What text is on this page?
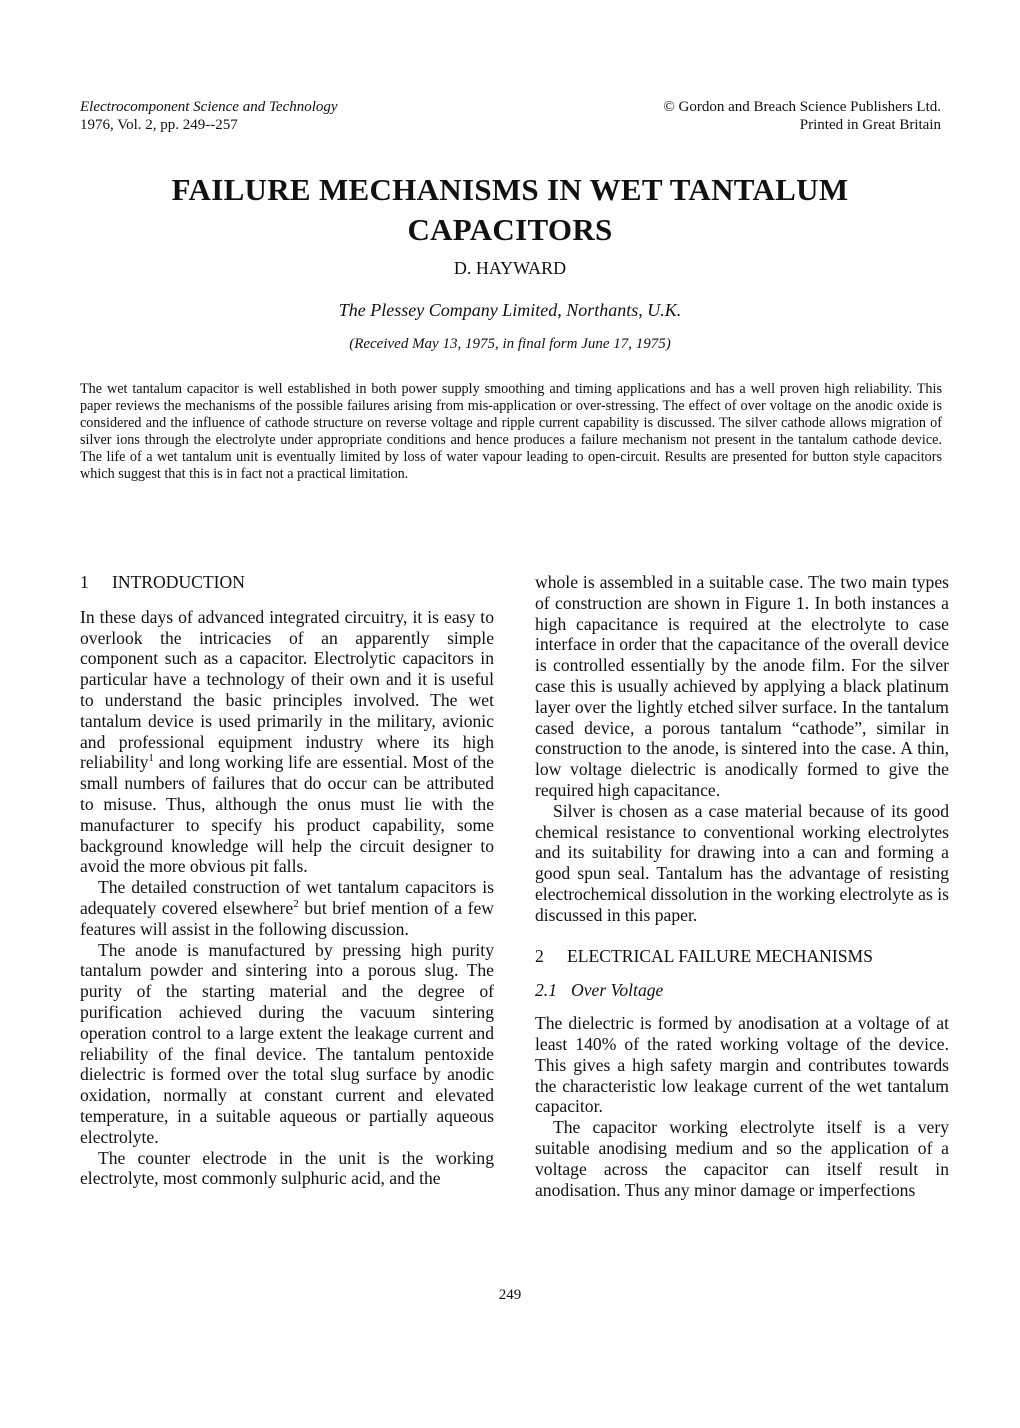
Electrocomponent Science and Technology
1976, Vol. 2, pp. 249--257
© Gordon and Breach Science Publishers Ltd.
Printed in Great Britain
FAILURE MECHANISMS IN WET TANTALUM
CAPACITORS
D. HAYWARD
The Plessey Company Limited, Northants, U.K.
(Received May 13, 1975, in final form June 17, 1975)
The wet tantalum capacitor is well established in both power supply smoothing and timing applications and has a well proven high reliability. This paper reviews the mechanisms of the possible failures arising from mis-application or over-stressing. The effect of over voltage on the anodic oxide is considered and the influence of cathode structure on reverse voltage and ripple current capability is discussed. The silver cathode allows migration of silver ions through the electrolyte under appropriate conditions and hence produces a failure mechanism not present in the tantalum cathode device. The life of a wet tantalum unit is eventually limited by loss of water vapour leading to open-circuit. Results are presented for button style capacitors which suggest that this is in fact not a practical limitation.
1 INTRODUCTION

In these days of advanced integrated circuitry, it is easy to overlook the intricacies of an apparently simple component such as a capacitor. Electrolytic capacitors in particular have a technology of their own and it is useful to understand the basic principles involved. The wet tantalum device is used primarily in the military, avionic and professional equipment industry where its high reliability$^1$ and long working life are essential. Most of the small numbers of failures that do occur can be attributed to misuse. Thus, although the onus must lie with the manufacturer to specify his product capability, some background knowledge will help the circuit designer to avoid the more obvious pit falls.

The detailed construction of wet tantalum capacitors is adequately covered elsewhere$^2$ but brief mention of a few features will assist in the following discussion.

The anode is manufactured by pressing high purity tantalum powder and sintering into a porous slug. The purity of the starting material and the degree of purification achieved during the vacuum sintering operation control to a large extent the leakage current and reliability of the final device. The tantalum pentoxide dielectric is formed over the total slug surface by anodic oxidation, normally at constant current and elevated temperature, in a suitable aqueous or partially aqueous electrolyte.

The counter electrode in the unit is the working electrolyte, most commonly sulphuric acid, and the

whole is assembled in a suitable case. The two main types of construction are shown in Figure 1. In both instances a high capacitance is required at the electrolyte to case interface in order that the capacitance of the overall device is controlled essentially by the anode film. For the silver case this is usually achieved by applying a black platinum layer over the lightly etched silver surface. In the tantalum cased device, a porous tantalum “cathode”, similar in construction to the anode, is sintered into the case. A thin, low voltage dielectric is anodically formed to give the required high capacitance.

Silver is chosen as a case material because of its good chemical resistance to conventional working electrolytes and its suitability for drawing into a can and forming a good spun seal. Tantalum has the advantage of resisting electrochemical dissolution in the working electrolyte as is discussed in this paper.

2 ELECTRICAL FAILURE MECHANISMS
2.1 Over Voltage

The dielectric is formed by anodisation at a voltage of at least 140% of the rated working voltage of the device. This gives a high safety margin and contributes towards the characteristic low leakage current of the wet tantalum capacitor.

The capacitor working electrolyte itself is a very suitable anodising medium and so the application of a voltage across the capacitor can itself result in anodisation. Thus any minor damage or imperfections

249
